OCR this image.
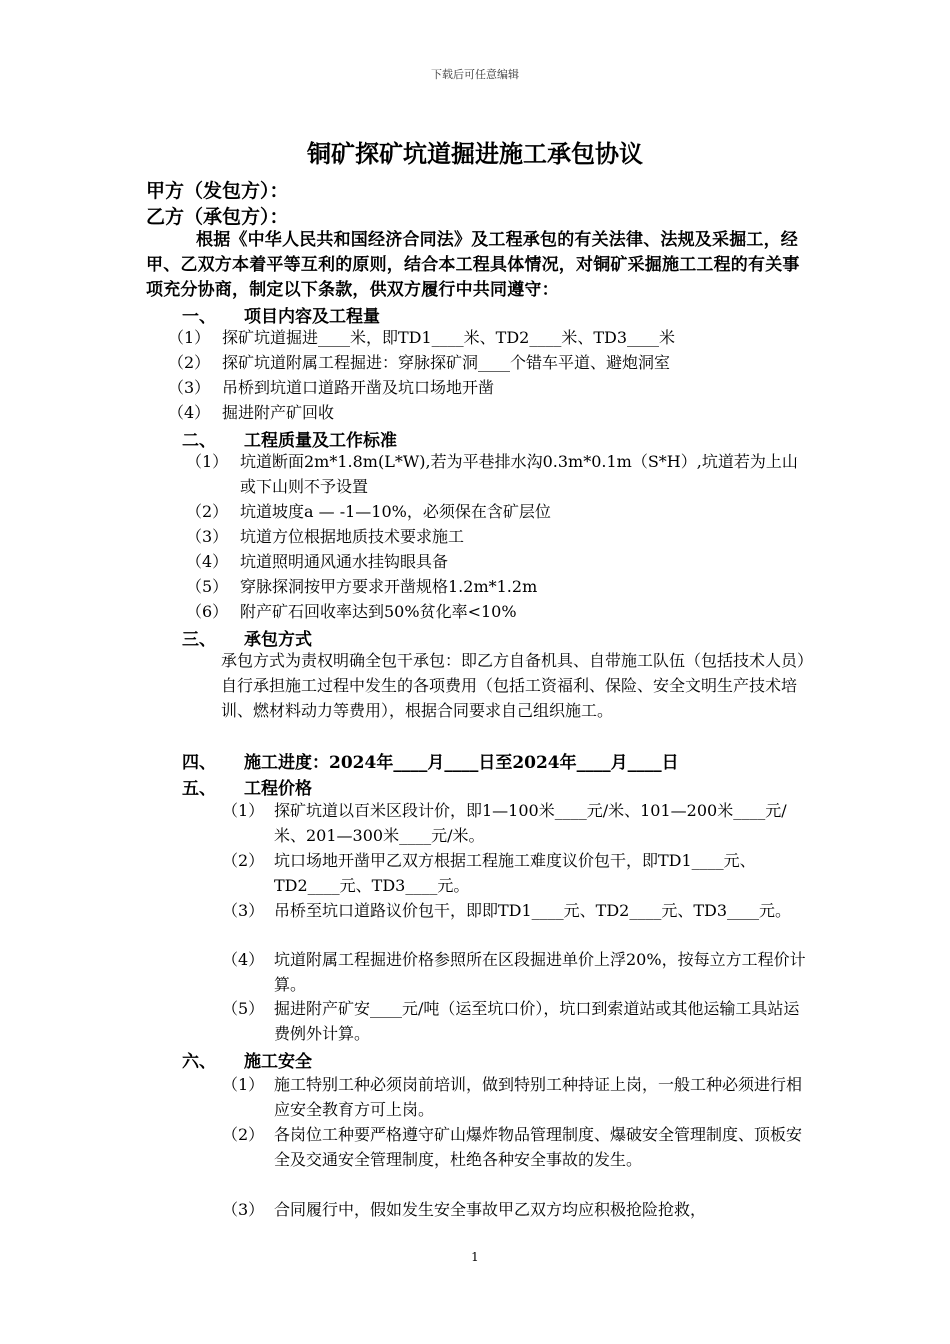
下载后可任意编辑
铜矿探矿坑道掘进施工承包协议
甲方（发包方）：
乙方（承包方）：
根据《中华人民共和国经济合同法》及工程承包的有关法律、法规及采掘工，经甲、乙双方本着平等互利的原则，结合本工程具体情况，对铜矿采掘施工工程的有关事项充分协商，制定以下条款，供双方履行中共同遵守：
一、 项目内容及工程量
（1） 探矿坑道掘进____米，即TD1____米、TD2____米、TD3____米
（2） 探矿坑道附属工程掘进：穿脉探矿洞____个错车平道、避炮洞室
（3） 吊桥到坑道口道路开凿及坑口场地开凿
（4） 掘进附产矿回收
二、 工程质量及工作标准
（1） 坑道断面2m*1.8m(L*W),若为平巷排水沟0.3m*0.1m（S*H）,坑道若为上山或下山则不予设置
（2） 坑道坡度a — -1—10%，必须保在含矿层位
（3） 坑道方位根据地质技术要求施工
（4） 坑道照明通风通水挂钩眼具备
（5） 穿脉探洞按甲方要求开凿规格1.2m*1.2m
（6） 附产矿石回收率达到50%贫化率<10%
三、 承包方式
承包方式为责权明确全包干承包：即乙方自备机具、自带施工队伍（包括技术人员）自行承担施工过程中发生的各项费用（包括工资福利、保险、安全文明生产技术培训、燃材料动力等费用），根据合同要求自己组织施工。
四、 施工进度：2024年____月____日至2024年____月____日
五、 工程价格
（1） 探矿坑道以百米区段计价，即1—100米____元/米、101—200米____元/米、201—300米____元/米。
（2） 坑口场地开凿甲乙双方根据工程施工难度议价包干，即TD1____元、TD2____元、TD3____元。
（3） 吊桥至坑口道路议价包干，即即TD1____元、TD2____元、TD3____元。
（4） 坑道附属工程掘进价格参照所在区段掘进单价上浮20%，按每立方工程价计算。
（5） 掘进附产矿安____元/吨（运至坑口价），坑口到索道站或其他运输工具站运费例外计算。
六、 施工安全
（1） 施工特别工种必须岗前培训，做到特别工种持证上岗，一般工种必须进行相应安全教育方可上岗。
（2） 各岗位工种要严格遵守矿山爆炸物品管理制度、爆破安全管理制度、顶板安全及交通安全管理制度，杜绝各种安全事故的发生。
（3） 合同履行中，假如发生安全事故甲乙双方均应积极抢险抢救，
1
